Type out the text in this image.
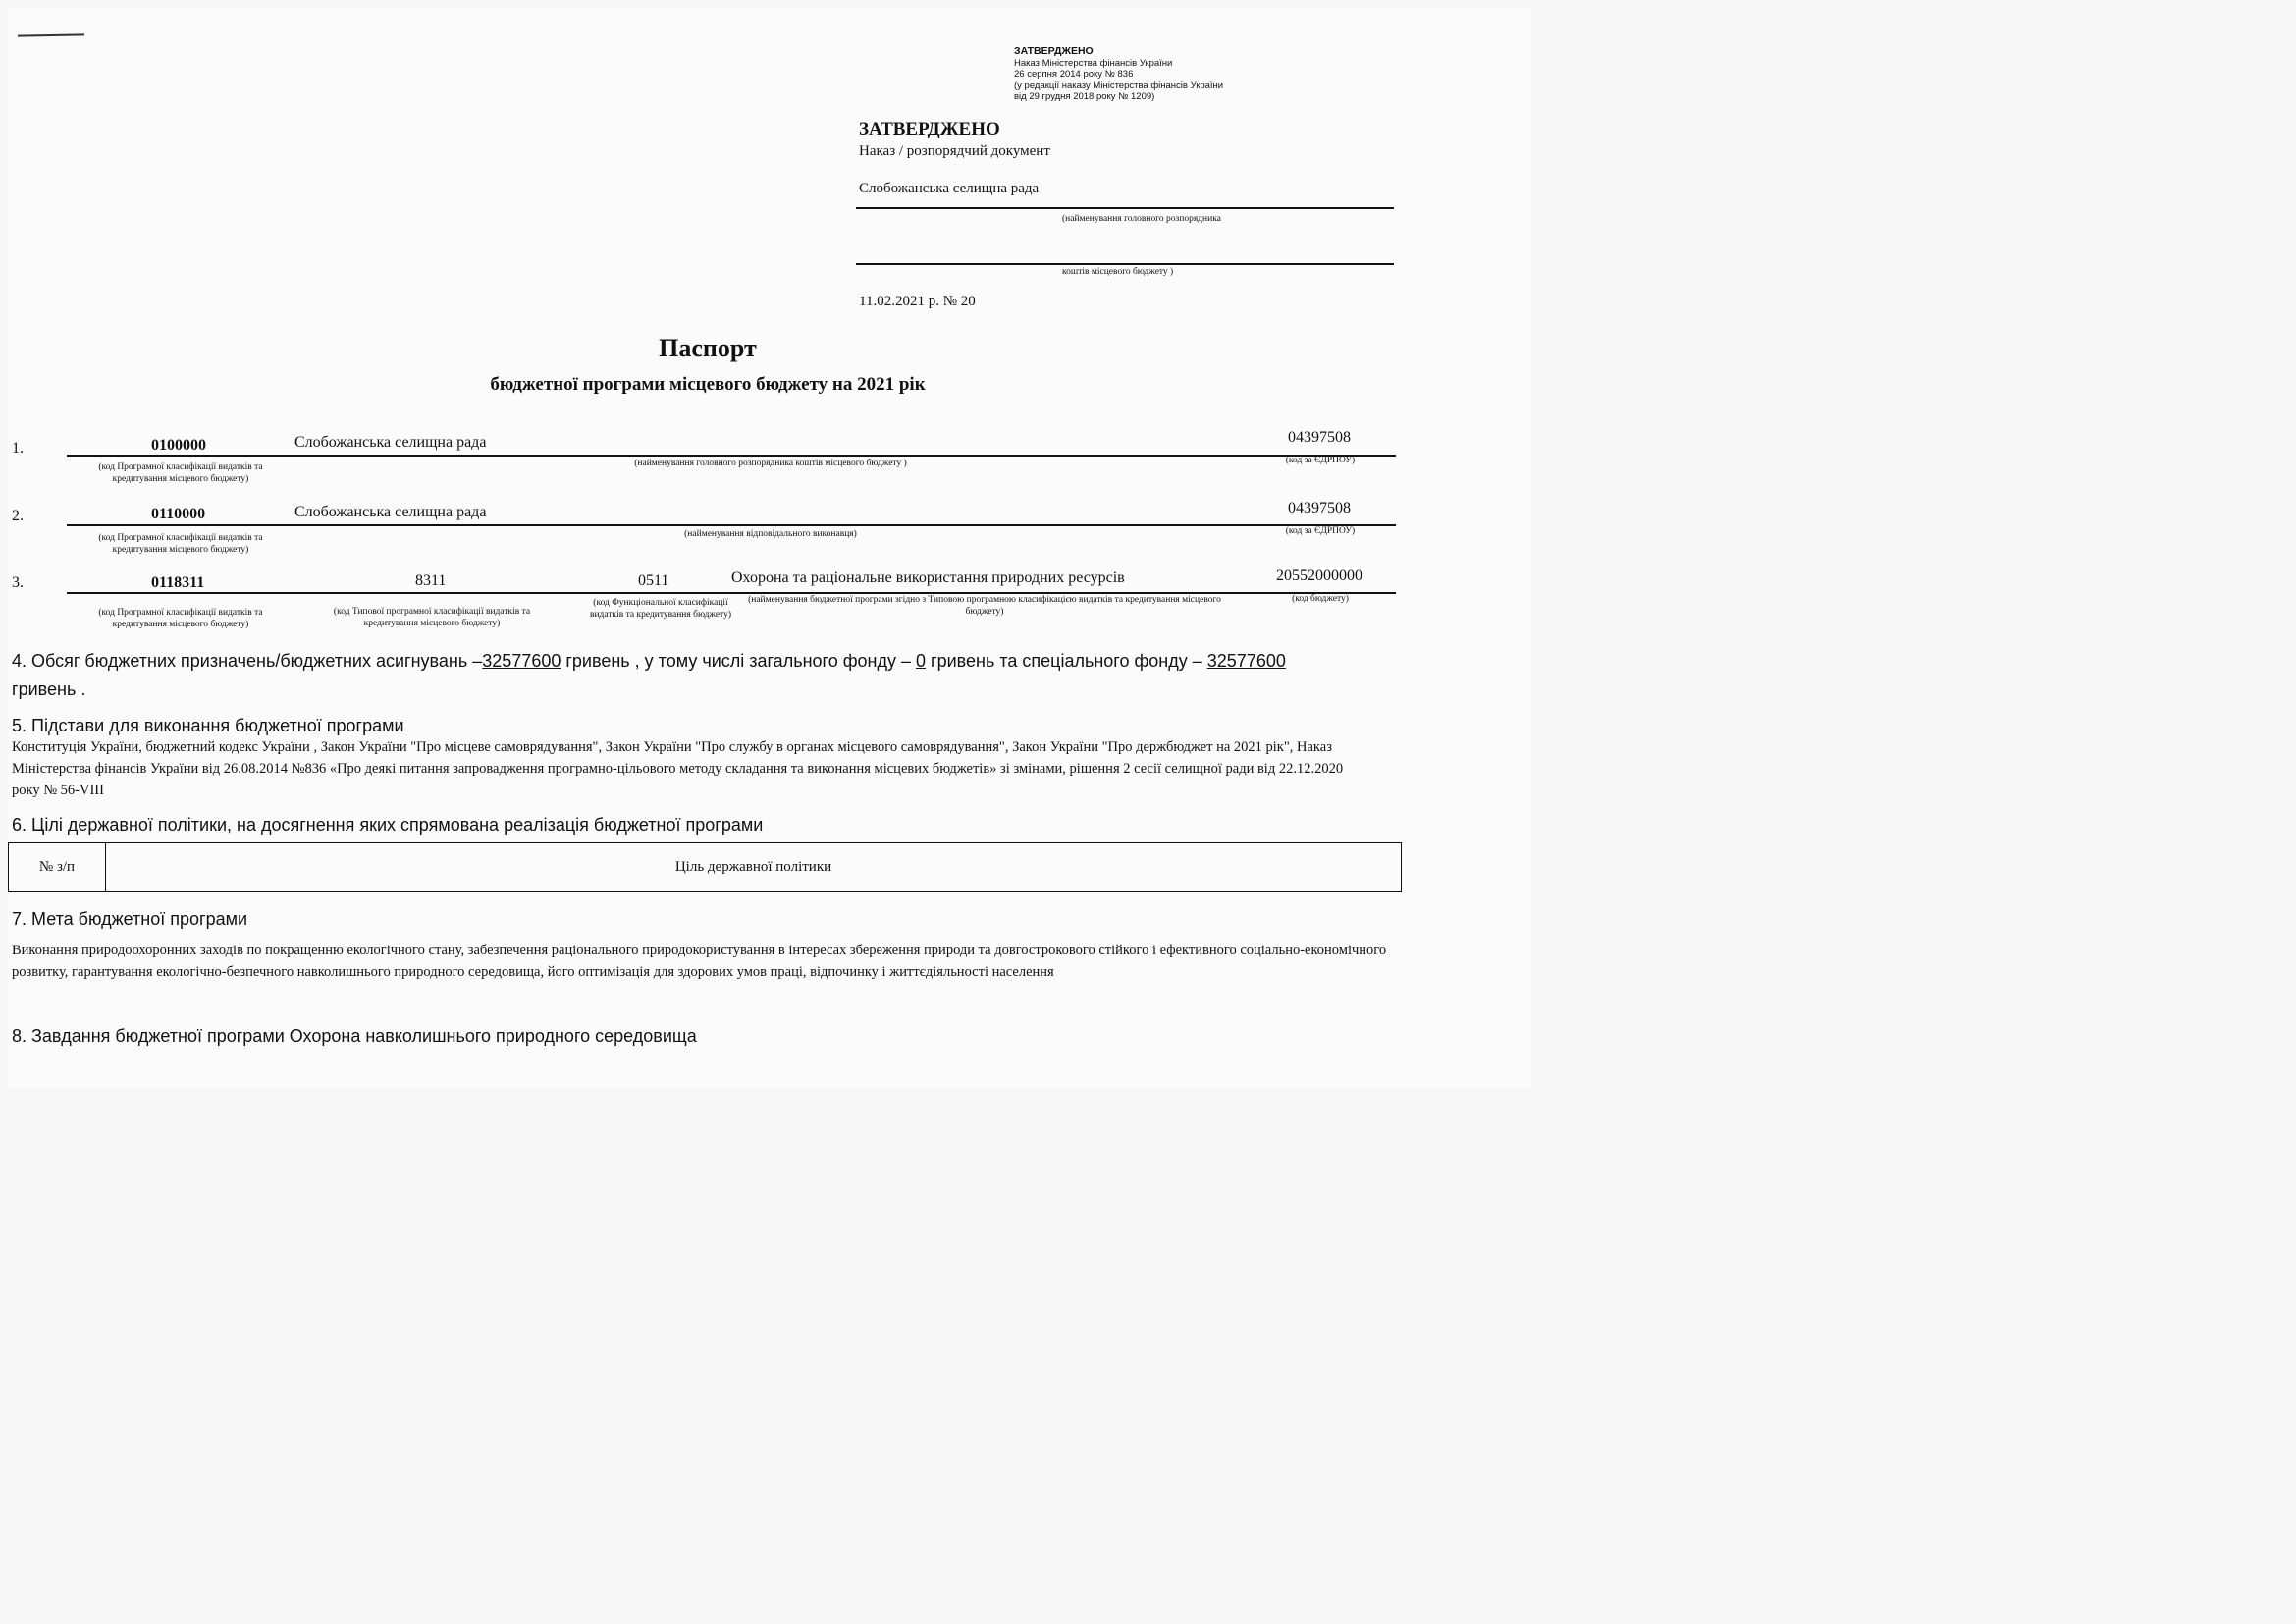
ЗАТВЕРДЖЕНО
Наказ Міністерства фінансів України
26 серпня 2014 року № 836
(у редакції наказу Міністерства фінансів України
від 29 грудня 2018 року № 1209)
ЗАТВЕРДЖЕНО
Наказ / розпорядчий документ
Слобожанська селищна рада
(найменування головного розпорядника
коштів місцевого бюджету )
11.02.2021 р. № 20
Паспорт
бюджетної програми місцевого бюджету на 2021 рік
1.	0100000	Слобожанська селищна рада	04397508
(код Програмної класифікації видатків та кредитування місцевого бюджету)
(найменування головного розпорядника коштів місцевого бюджету )	(код за ЄДРПОУ)
2.	0110000	Слобожанська селищна рада	04397508
(код Програмної класифікації видатків та кредитування місцевого бюджету)
(найменування відповідального виконавця)	(код за ЄДРПОУ)
3.	0118311	8311	0511	Охорона та раціональне використання природних ресурсів	20552000000
(код Програмної класифікації видатків та кредитування місцевого бюджету)
(код Типової програмної класифікації видатків та кредитування місцевого бюджету)
(код Функціональної класифікації видатків та кредитування бюджету)
(найменування бюджетної програми згідно з Типовою програмною класифікацією видатків та кредитування місцевого бюджету)
(код бюджету)
4. Обсяг бюджетних призначень/бюджетних асигнувань –32577600 гривень , у тому числі загального фонду – 0 гривень та спеціального фонду – 32577600
гривень .
5. Підстави для виконання бюджетної програми
Конституція України, бюджетний кодекс України , Закон України "Про місцеве самоврядування", Закон України "Про службу в органах місцевого самоврядування", Закон України "Про держбюджет на 2021 рік", Наказ Міністерства фінансів України від 26.08.2014 №836 «Про деякі питання запровадження програмно-цільового методу складання та виконання місцевих бюджетів» зі змінами, рішення 2 сесії селищної ради від 22.12.2020 року № 56-VIII
6. Цілі державної політики, на досягнення яких спрямована реалізація бюджетної програми
№ з/п	Ціль державної політики
7. Мета бюджетної програми
Виконання природоохоронних заходів по покращенню екологічного стану, забезпечення раціонального природокористування в інтересах збереження природи та довгострокового стійкого і ефективного соціально-економічного розвитку, гарантування екологічно-безпечного навколишнього природного середовища, його оптимізація для здорових умов праці, відпочинку і життєдіяльності населення
8. Завдання бюджетної програми Охорона навколишнього природного середовища
